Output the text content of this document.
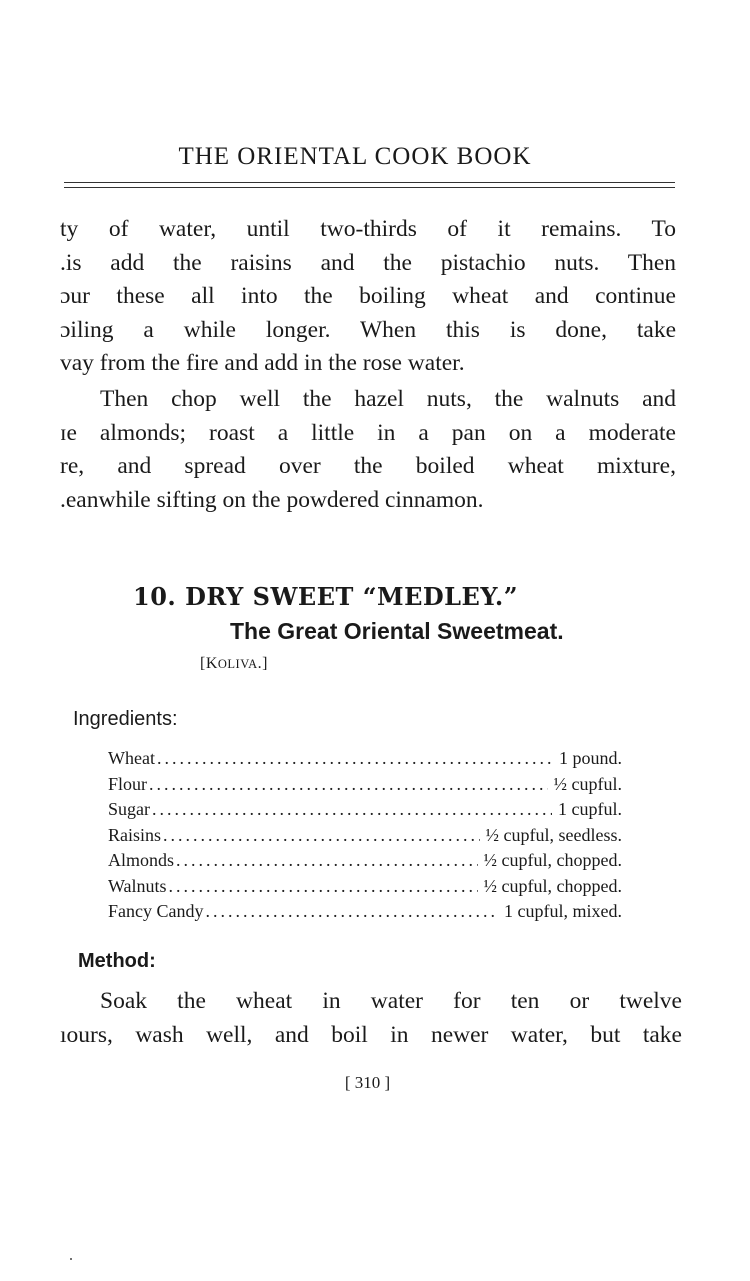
THE ORIENTAL COOK BOOK
ty of water, until two-thirds of it remains. To
.is add the raisins and the pistachio nuts. Then
ɔur these all into the boiling wheat and continue
ɔiling a while longer. When this is done, take
vay from the fire and add in the rose water.
Then chop well the hazel nuts, the walnuts and
ɪe almonds; roast a little in a pan on a moderate
re, and spread over the boiled wheat mixture,
.eanwhile sifting on the powdered cinnamon.
10. DRY SWEET “MEDLEY.”
The Great Oriental Sweetmeat.
[KOLIVA.]
Ingredients:
Wheat .....	1 pound.
Flour .....	½ cupful.
Sugar .....	1 cupful.
Raisins .....	½ cupful, seedless.
Almonds .....	½ cupful, chopped.
Walnuts .....	½ cupful, chopped.
Fancy Candy .....	1 cupful, mixed.
Method:
Soak the wheat in water for ten or twelve
ıours, wash well, and boil in newer water, but take
[ 310 ]
